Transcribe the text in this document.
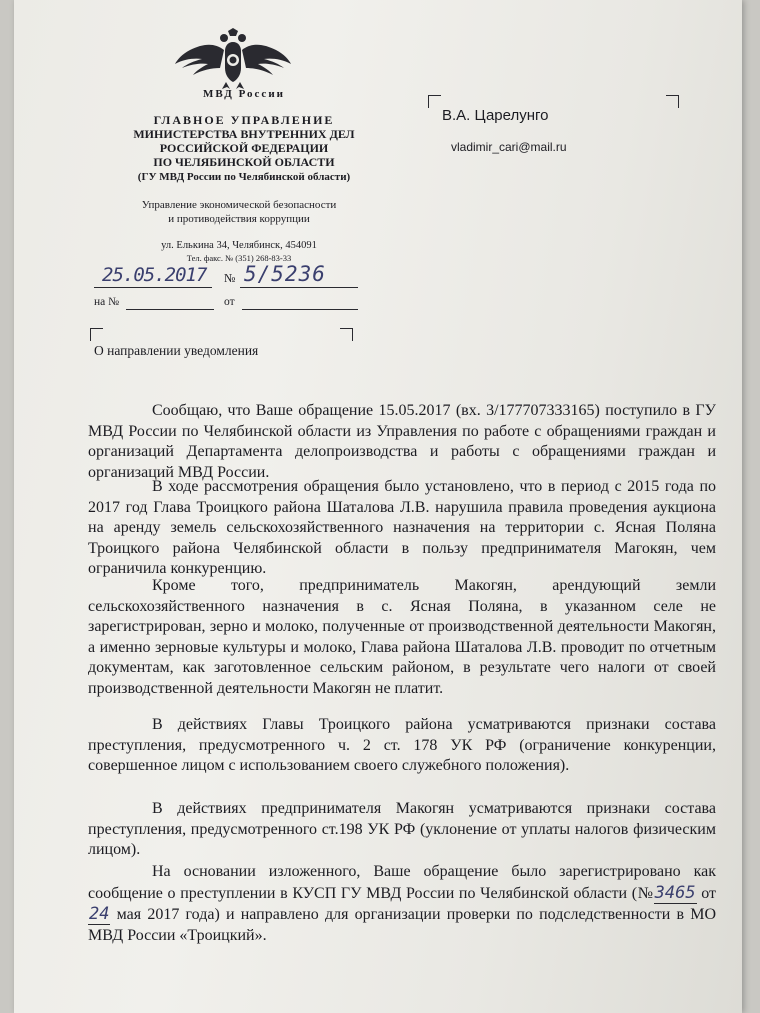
МВД России
ГЛАВНОЕ УПРАВЛЕНИЕ
МИНИСТЕРСТВА ВНУТРЕННИХ ДЕЛ
РОССИЙСКОЙ ФЕДЕРАЦИИ
ПО ЧЕЛЯБИНСКОЙ ОБЛАСТИ
(ГУ МВД России по Челябинской области)
Управление экономической безопасности
и противодействия коррупции
ул. Елькина 34, Челябинск, 454091
Тел. факс. № (351) 268-83-33
25.05.2017 № 5/5236
на №	от
В.А. Царелунго
vladimir_cari@mail.ru
О направлении уведомления

Сообщаю, что Ваше обращение 15.05.2017 (вх. 3/177707333165) поступило в ГУ МВД России по Челябинской области из Управления по работе с обращениями граждан и организаций Департамента делопроизводства и работы с обращениями граждан и организаций МВД России.

В ходе рассмотрения обращения было установлено, что в период с 2015 года по 2017 год Глава Троицкого района Шаталова Л.В. нарушила правила проведения аукциона на аренду земель сельскохозяйственного назначения на территории с. Ясная Поляна Троицкого района Челябинской области в пользу предпринимателя Магокян, чем ограничила конкуренцию.

Кроме того, предприниматель Макогян, арендующий земли сельскохозяйственного назначения в с. Ясная Поляна, в указанном селе не зарегистрирован, зерно и молоко, полученные от производственной деятельности Макогян, а именно зерновые культуры и молоко, Глава района Шаталова Л.В. проводит по отчетным документам, как заготовленное сельским районом, в результате чего налоги от своей производственной деятельности Макогян не платит.

В действиях Главы Троицкого района усматриваются признаки состава преступления, предусмотренного ч. 2 ст. 178 УК РФ (ограничение конкуренции, совершенное лицом с использованием своего служебного положения).

В действиях предпринимателя Макогян усматриваются признаки состава преступления, предусмотренного ст.198 УК РФ (уклонение от уплаты налогов физическим лицом).

На основании изложенного, Ваше обращение было зарегистрировано как сообщение о преступлении в КУСП ГУ МВД России по Челябинской области (№3465 от 24 мая 2017 года) и направлено для организации проверки по подследственности в МО МВД России «Троицкий».
